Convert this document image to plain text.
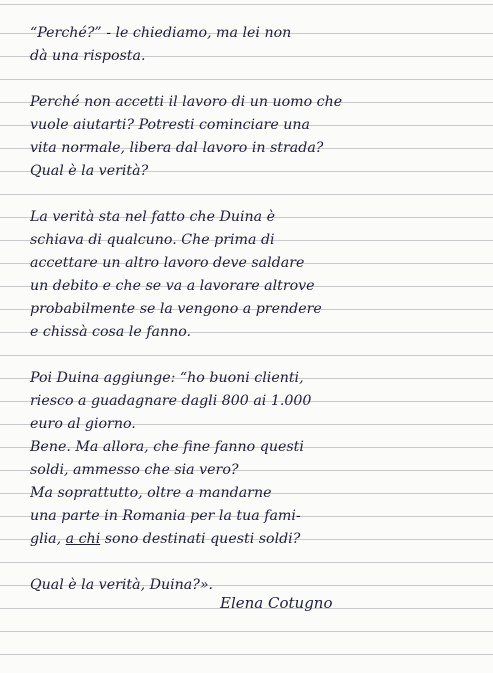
“Perché?” - le chiediamo, ma lei non
dà una risposta.
Perché non accetti il lavoro di un uomo che
vuole aiutarti? Potresti cominciare una
vita normale, libera dal lavoro in strada?
Qual è la verità?
La verità sta nel fatto che Duina è
schiava di qualcuno. Che prima di
accettare un altro lavoro deve saldare
un debito e che se va a lavorare altrove
probabilmente se la vengono a prendere
e chissà cosa le fanno.
Poi Duina aggiunge: “ho buoni clienti,
riesco a guadagnare dagli 800 ai 1.000
euro al giorno.
Bene. Ma allora, che fine fanno questi
soldi, ammesso che sia vero?
Ma soprattutto, oltre a mandarne
una parte in Romania per la tua fami-
glia, a chi sono destinati questi soldi?
Qual è la verità, Duina?».
Elena Cotugno
